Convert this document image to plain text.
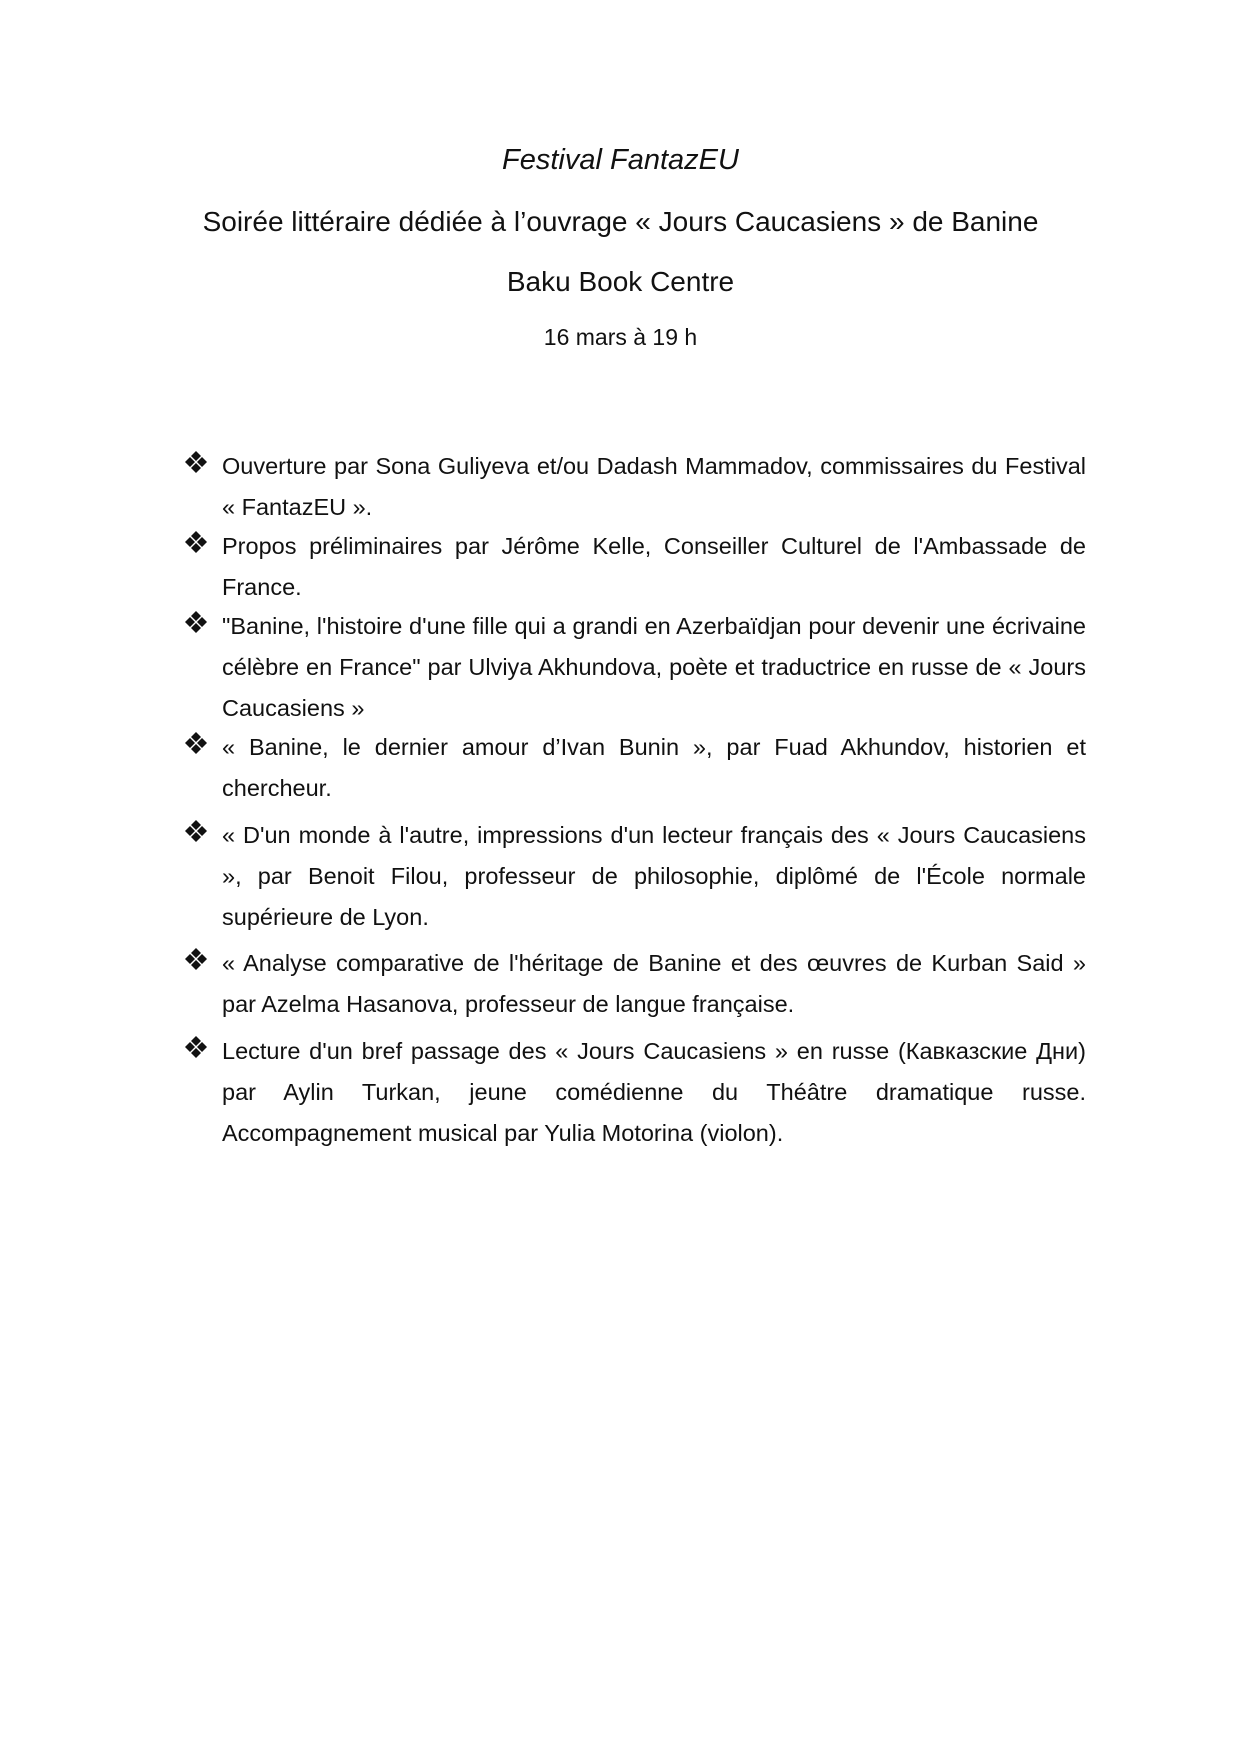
Festival FantazEU
Soirée littéraire dédiée à l’ouvrage « Jours Caucasiens » de Banine
Baku Book Centre
16 mars à 19 h

Ouverture par Sona Guliyeva et/ou Dadash Mammadov, commissaires du Festival « FantazEU ».

Propos préliminaires par Jérôme Kelle, Conseiller Culturel de l'Ambassade de France.

"Banine, l'histoire d'une fille qui a grandi en Azerbaïdjan pour devenir une écrivaine célèbre en France" par Ulviya Akhundova, poète et traductrice en russe de « Jours Caucasiens »

« Banine, le dernier amour d’Ivan Bunin », par Fuad Akhundov, historien et chercheur.

« D'un monde à l'autre, impressions d'un lecteur français des « Jours Caucasiens », par Benoit Filou, professeur de philosophie, diplômé de l'École normale supérieure de Lyon.

« Analyse comparative de l'héritage de Banine et des œuvres de Kurban Said » par Azelma Hasanova, professeur de langue française.

Lecture d'un bref passage des « Jours Caucasiens » en russe (Кавказские Дни) par Aylin Turkan, jeune comédienne du Théâtre dramatique russe. Accompagnement musical par Yulia Motorina (violon).
